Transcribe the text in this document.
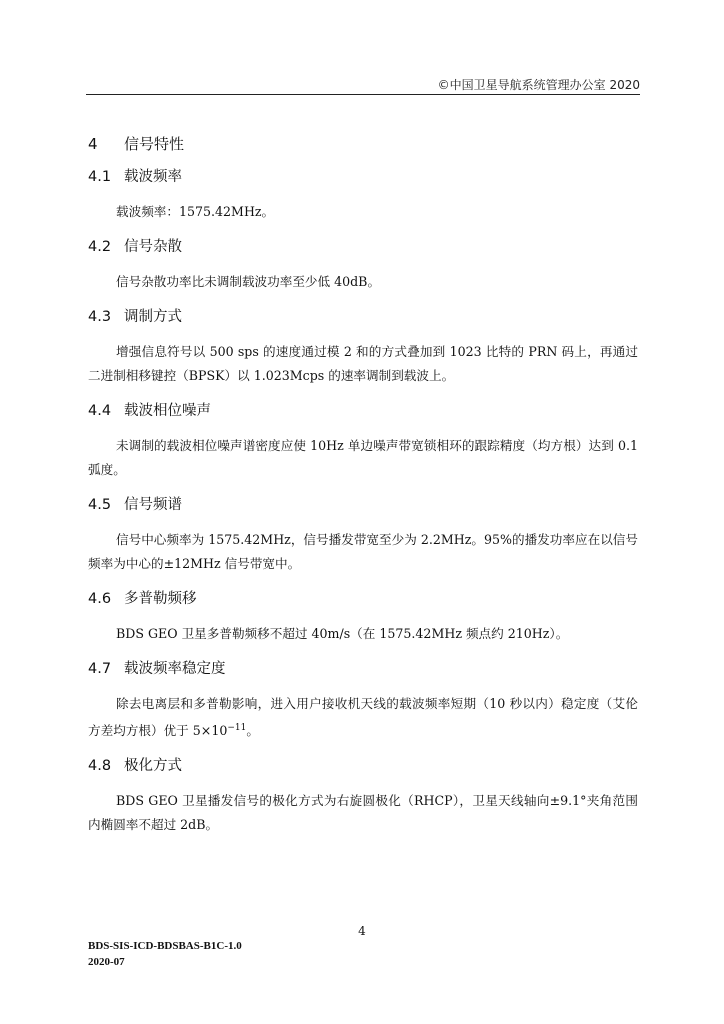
©中国卫星导航系统管理办公室 2020
4 信号特性
4.1 载波频率

载波频率：1575.42MHz。

4.2 信号杂散

信号杂散功率比未调制载波功率至少低 40dB。

4.3 调制方式

增强信息符号以 500 sps 的速度通过模 2 和的方式叠加到 1023 比特的 PRN 码上，再通过二进制相移键控（BPSK）以 1.023Mcps 的速率调制到载波上。

4.4 载波相位噪声

未调制的载波相位噪声谱密度应使 10Hz 单边噪声带宽锁相环的跟踪精度（均方根）达到 0.1 弧度。

4.5 信号频谱

信号中心频率为 1575.42MHz，信号播发带宽至少为 2.2MHz。95%的播发功率应在以信号频率为中心的±12MHz 信号带宽中。

4.6 多普勒频移

BDS GEO 卫星多普勒频移不超过 40m/s（在 1575.42MHz 频点约 210Hz）。

4.7 载波频率稳定度

除去电离层和多普勒影响，进入用户接收机天线的载波频率短期（10 秒以内）稳定度（艾伦方差均方根）优于 $5\times 10^{-11}$。

4.8 极化方式

BDS GEO 卫星播发信号的极化方式为右旋圆极化（RHCP），卫星天线轴向±9.1°夹角范围内椭圆率不超过 2dB。

4
BDS-SIS-ICD-BDSBAS-B1C-1.0
2020-07
